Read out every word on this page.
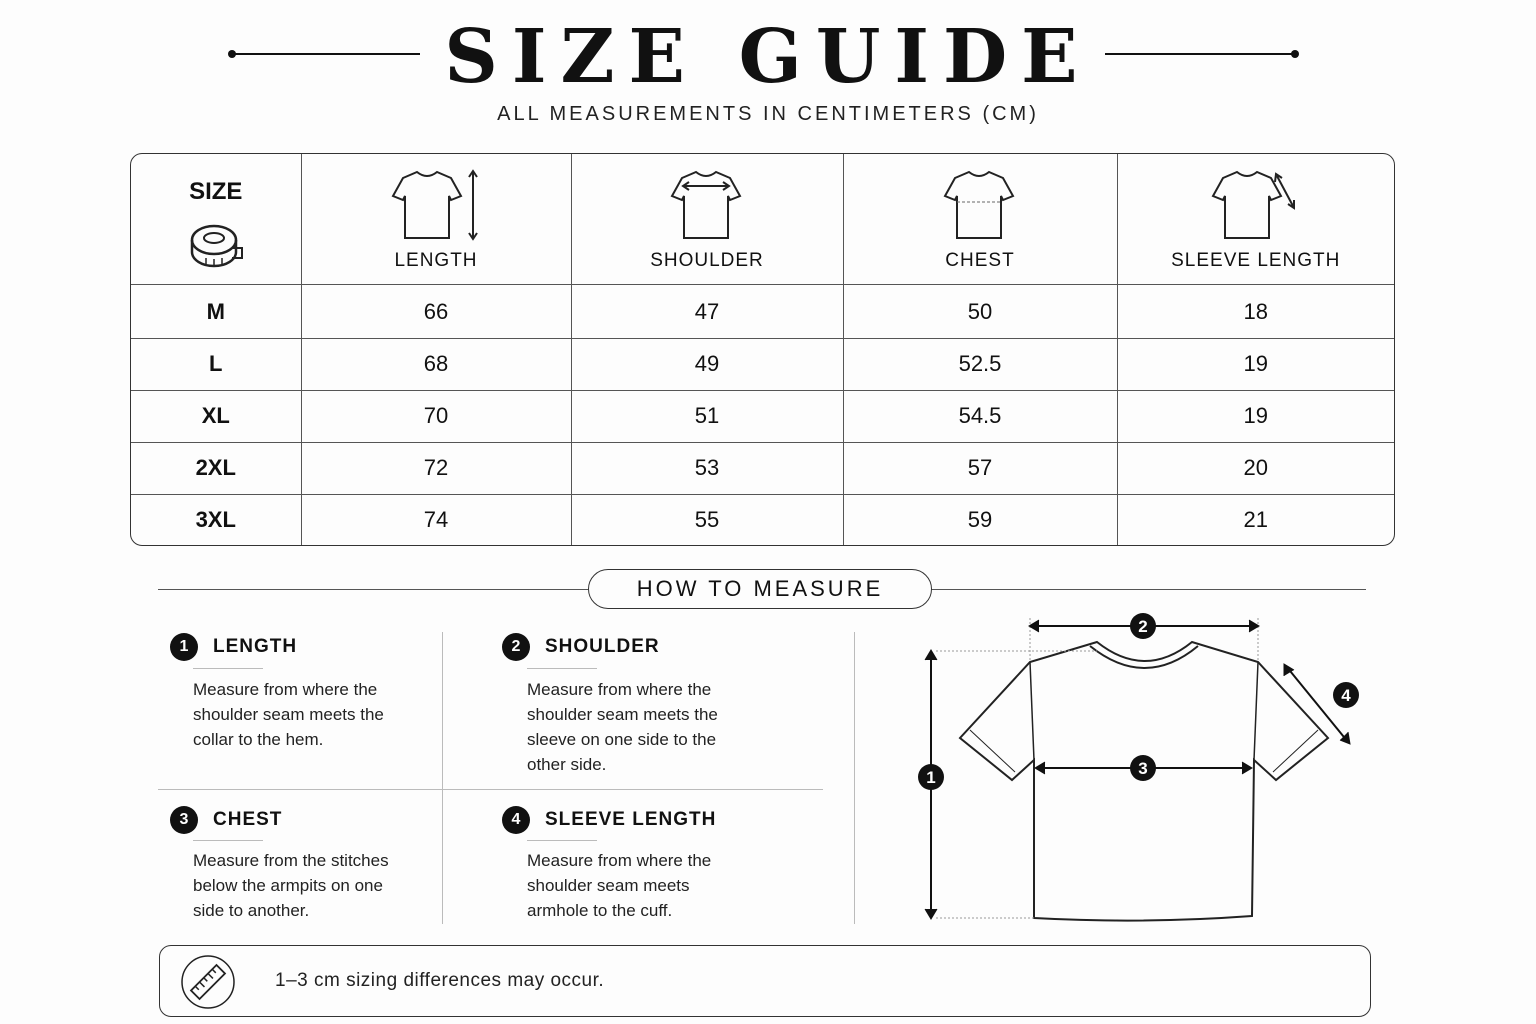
SIZE GUIDE
ALL MEASUREMENTS IN CENTIMETERS (CM)
SIZE	LENGTH	SHOULDER	CHEST	SLEEVE LENGTH

M	66	47	50	18
L	68	49	52.5	19
XL	70	51	54.5	19
2XL	72	53	57	20
3XL	74	55	59	21
HOW TO MEASURE
1	LENGTH
Measure from where the shoulder seam meets the collar to the hem.
2	SHOULDER
Measure from where the shoulder seam meets the sleeve on one side to the other side.
3	CHEST
Measure from the stitches below the armpits on one side to another.
4	SLEEVE LENGTH
Measure from where the shoulder seam meets armhole to the cuff.
1
2
3
4
1–3 cm sizing differences may occur.
